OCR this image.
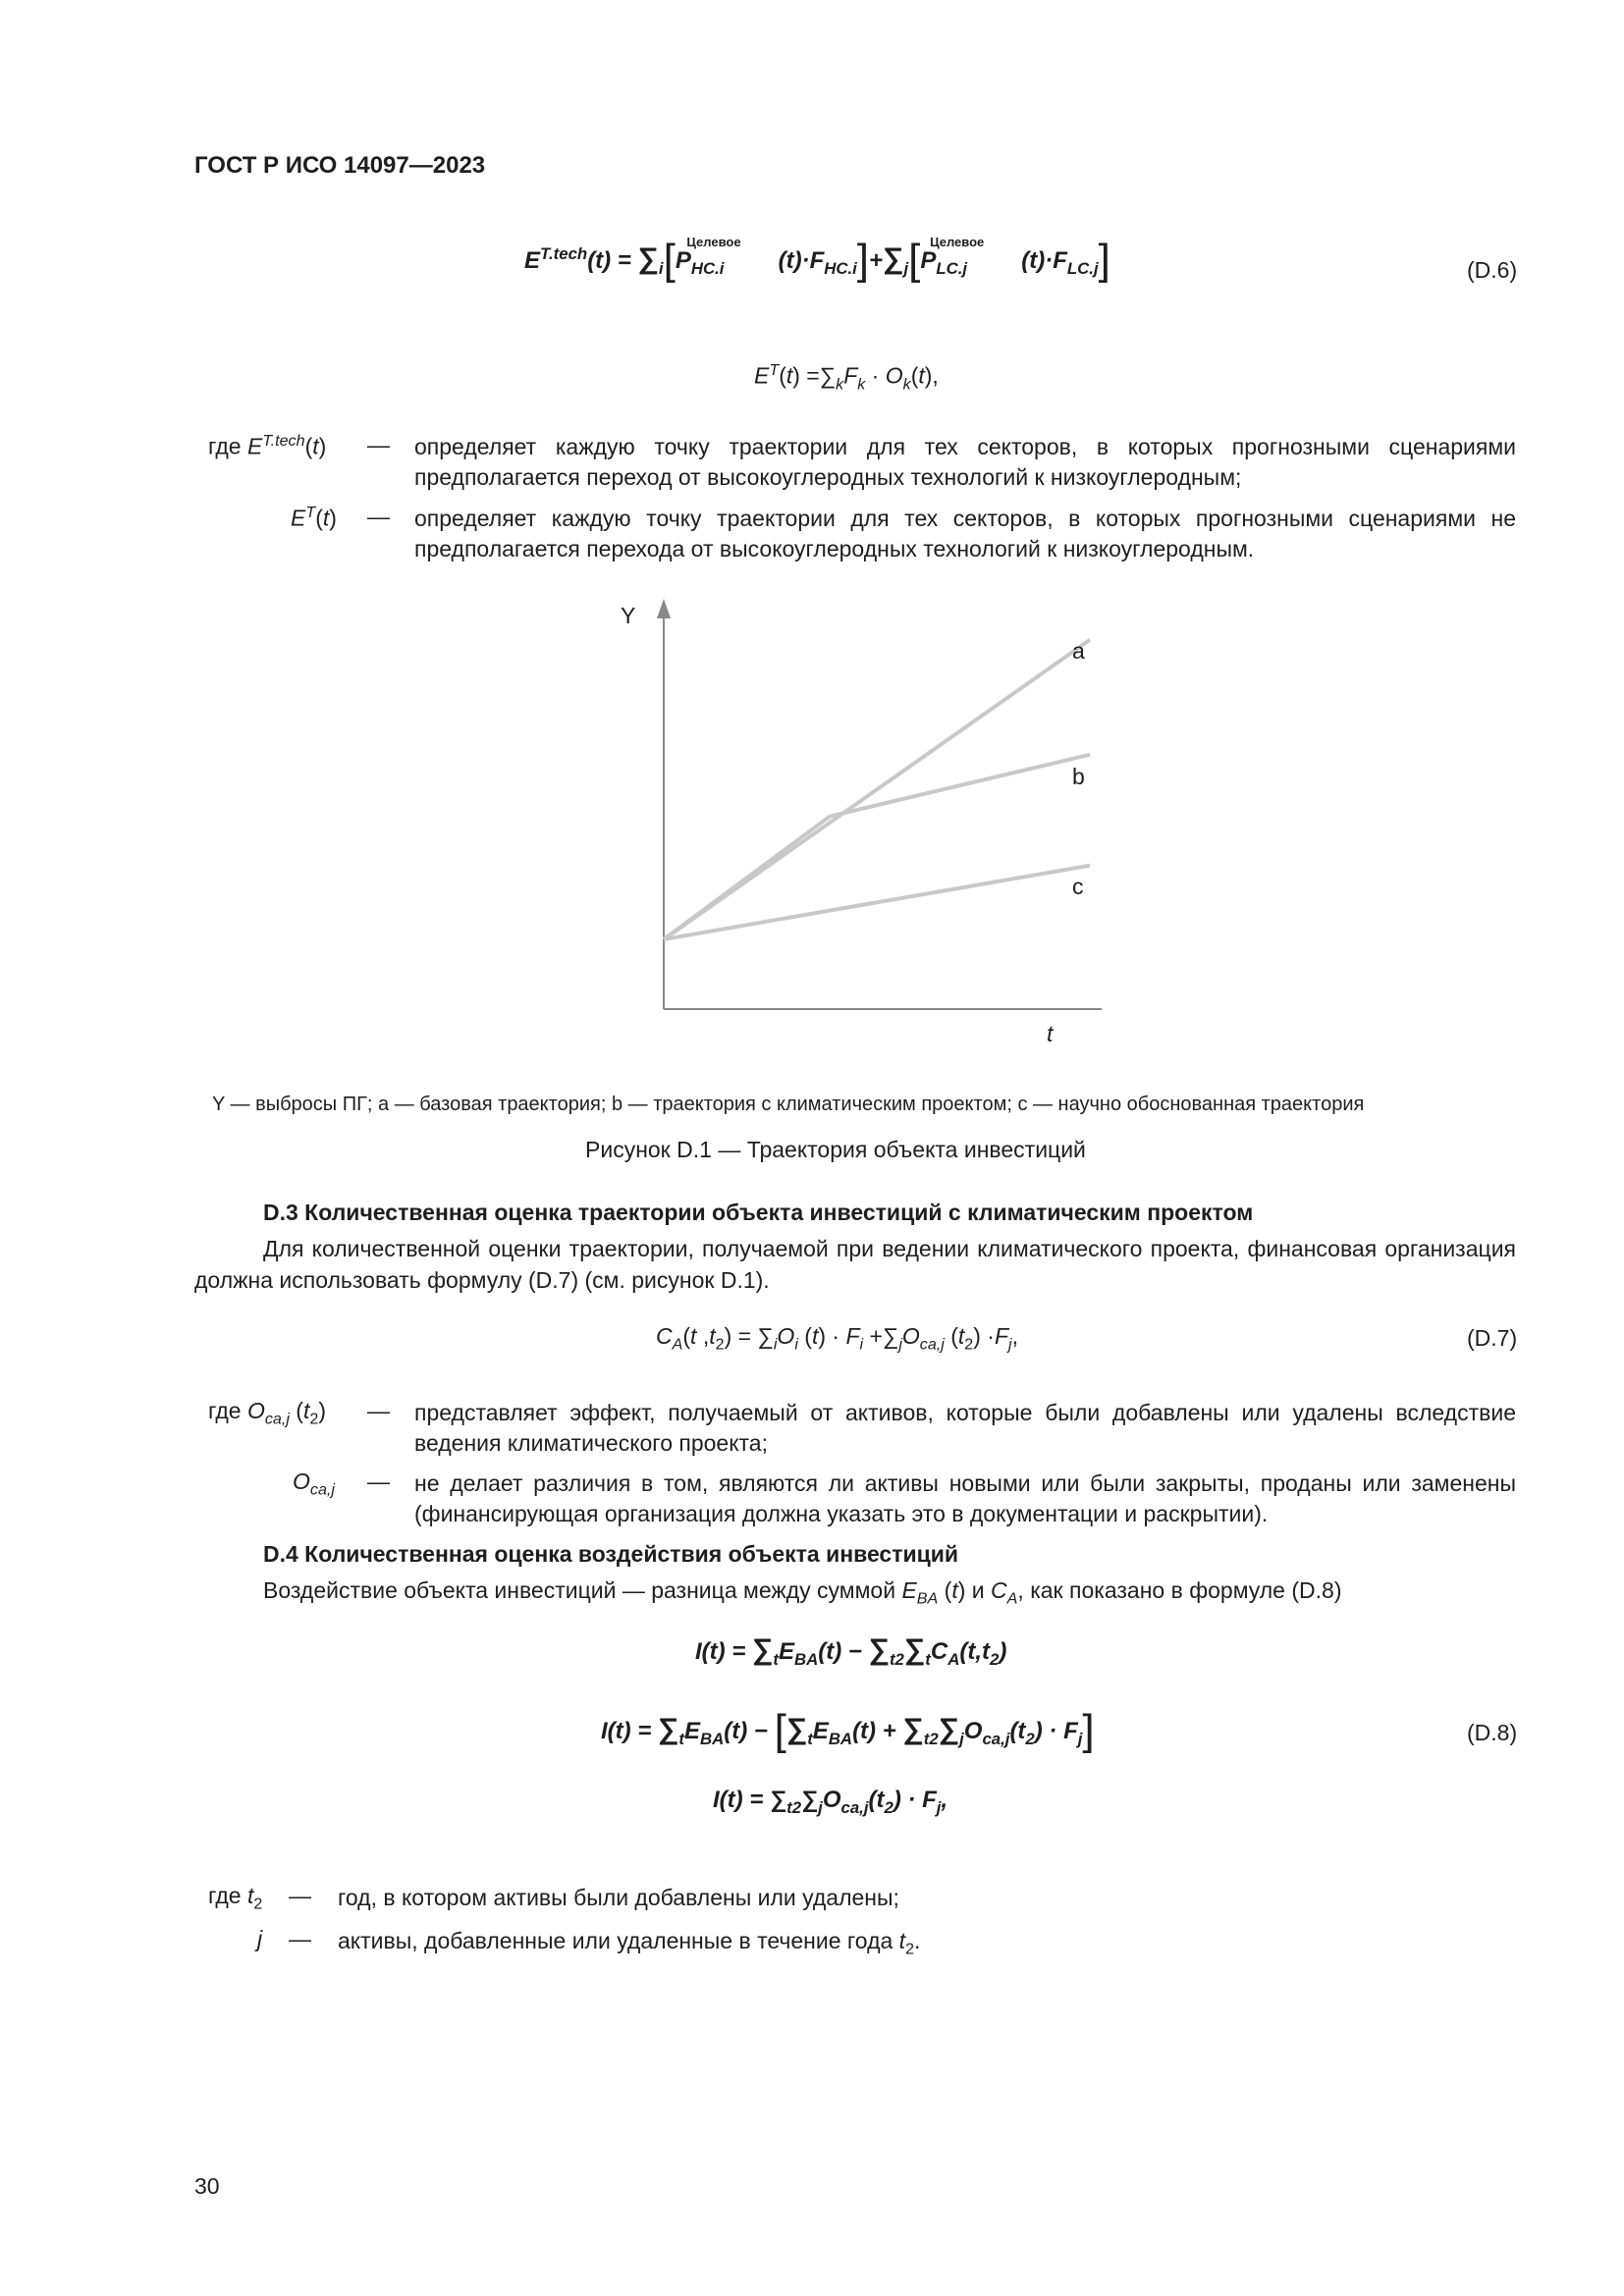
ГОСТ Р ИСО 14097—2023
$E^{T.tech}(t) = \sum_i[P_{HC.i}^{Целевое}(t)\cdot F_{HC.i}]+\sum_j[P_{LC.j}^{Целевое}(t)\cdot F_{LC.j}]$	(D.6)
$E^T(t) =\sum_kF_k \cdot O_k(t)$,
где $E^{T.tech}(t)$ — определяет каждую точку траектории для тех секторов, в которых прогнозными сценариями предполагается переход от высокоуглеродных технологий к низкоуглеродным;
$E^T(t)$ — определяет каждую точку траектории для тех секторов, в которых прогнозными сценариями не предполагается перехода от высокоуглеродных технологий к низкоуглеродным.
Y
t
a
b
c
Y — выбросы ПГ; a — базовая траектория; b — траектория с климатическим проектом; c — научно обоснованная траектория
Рисунок D.1 — Траектория объекта инвестиций
D.3 Количественная оценка траектории объекта инвестиций с климатическим проектом
Для количественной оценки траектории, получаемой при ведении климатического проекта, финансовая организация должна использовать формулу (D.7) (см. рисунок D.1).
$C_A(t$ $,t_2) = \sum_iO_i$ $(t) \cdot F_i +\sum_jO_{ca,j}$ $(t_2) \cdot F_j$,	(D.7)
где $O_{ca,j}$ $(t_2)$ — представляет эффект, получаемый от активов, которые были добавлены или удалены вследствие ведения климатического проекта;
$O_{ca,j}$ — не делает различия в том, являются ли активы новыми или были закрыты, проданы или заменены (финансирующая организация должна указать это в документации и раскрытии).
D.4 Количественная оценка воздействия объекта инвестиций
Воздействие объекта инвестиций — разница между суммой $E_{BA}$ (t) и $C_A$, как показано в формуле (D.8)
$I(t) = \sum_tE_{BA}(t) - \sum_{t2}\sum_tC_A(t,t_2)$
$I(t) = \sum_tE_{BA}(t) - [\sum_tE_{BA}(t) + \sum_{t2}\sum_jO_{ca,j}(t_2) \cdot F_j]$	(D.8)
$I(t) = \sum_{t2}\sum_jO_{ca,j}(t_2) \cdot F_j$,
где $t_2$ — год, в котором активы были добавлены или удалены;
j — активы, добавленные или удаленные в течение года $t_2$.
30
